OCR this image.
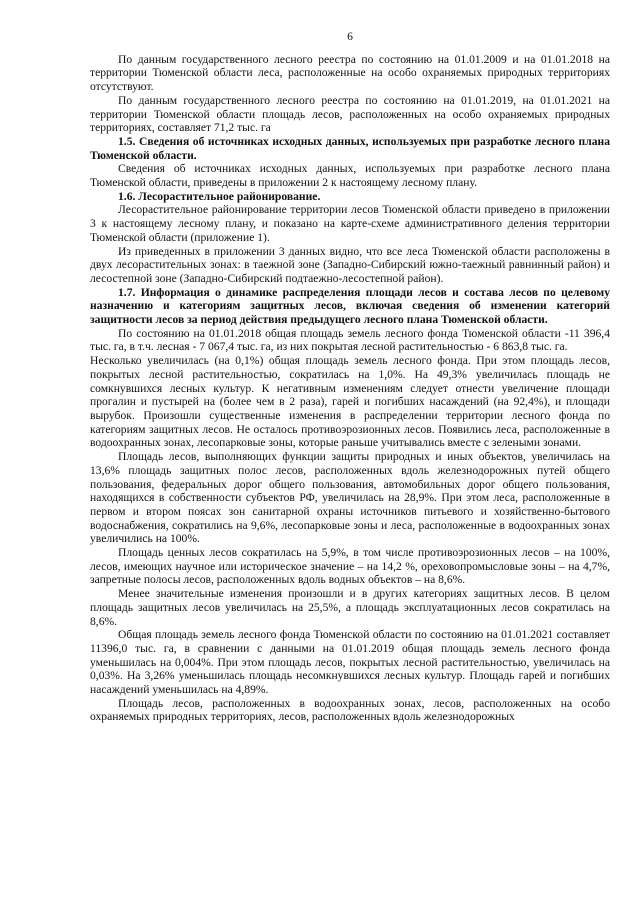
6

По данным государственного лесного реестра по состоянию на 01.01.2009 и на 01.01.2018 на территории Тюменской области леса, расположенные на особо охраняемых природных территориях отсутствуют.

По данным государственного лесного реестра по состоянию на 01.01.2019, на 01.01.2021 на территории Тюменской области площадь лесов, расположенных на особо охраняемых природных территориях, составляет 71,2 тыс. га

1.5. Сведения об источниках исходных данных, используемых при разработке лесного плана Тюменской области.

Сведения об источниках исходных данных, используемых при разработке лесного плана Тюменской области, приведены в приложении 2 к настоящему лесному плану.

1.6. Лесорастительное районирование.

Лесорастительное районирование территории лесов Тюменской области приведено в приложении 3 к настоящему лесному плану, и показано на карте-схеме административного деления территории Тюменской области (приложение 1).

Из приведенных в приложении 3 данных видно, что все леса Тюменской области расположены в двух лесорастительных зонах: в таежной зоне (Западно-Сибирский южно-таежный равнинный район) и лесостепной зоне (Западно-Сибирский подтаежно-лесостепной район).

1.7. Информация о динамике распределения площади лесов и состава лесов по целевому назначению и категориям защитных лесов, включая сведения об изменении категорий защитности лесов за период действия предыдущего лесного плана Тюменской области.

По состоянию на 01.01.2018 общая площадь земель лесного фонда Тюменской области -11 396,4 тыс. га, в т.ч. лесная - 7 067,4 тыс. га, из них покрытая лесной растительностью - 6 863,8 тыс. га.

Несколько увеличилась (на 0,1%) общая площадь земель лесного фонда. При этом площадь лесов, покрытых лесной растительностью, сократилась на 1,0%. На 49,3% увеличилась площадь не сомкнувшихся лесных культур. К негативным изменениям следует отнести увеличение площади прогалин и пустырей на (более чем в 2 раза), гарей и погибших насаждений (на 92,4%), и площади вырубок. Произошли существенные изменения в распределении территории лесного фонда по категориям защитных лесов. Не осталось противоэрозионных лесов. Появились леса, расположенные в водоохранных зонах, лесопарковые зоны, которые раньше учитывались вместе с зелеными зонами.

Площадь лесов, выполняющих функции защиты природных и иных объектов, увеличилась на 13,6% площадь защитных полос лесов, расположенных вдоль железнодорожных путей общего пользования, федеральных дорог общего пользования, автомобильных дорог общего пользования, находящихся в собственности субъектов РФ, увеличилась на 28,9%. При этом леса, расположенные в первом и втором поясах зон санитарной охраны источников питьевого и хозяйственно-бытового водоснабжения, сократились на 9,6%, лесопарковые зоны и леса, расположенные в водоохранных зонах увеличились на 100%.

Площадь ценных лесов сократилась на 5,9%, в том числе противоэрозионных лесов – на 100%, лесов, имеющих научное или историческое значение – на 14,2 %, ореховопромысловые зоны – на 4,7%, запретные полосы лесов, расположенных вдоль водных объектов – на 8,6%.

Менее значительные изменения произошли и в других категориях защитных лесов. В целом площадь защитных лесов увеличилась на 25,5%, а площадь эксплуатационных лесов сократилась на 8,6%.

Общая площадь земель лесного фонда Тюменской области по состоянию на 01.01.2021 составляет 11396,0 тыс. га, в сравнении с данными на 01.01.2019 общая площадь земель лесного фонда уменьшилась на 0,004%. При этом площадь лесов, покрытых лесной растительностью, увеличилась на 0,03%. На 3,26% уменьшилась площадь несомкнувшихся лесных культур. Площадь гарей и погибших насаждений уменьшилась на 4,89%.

Площадь лесов, расположенных в водоохранных зонах, лесов, расположенных на особо охраняемых природных территориях, лесов, расположенных вдоль железнодорожных
